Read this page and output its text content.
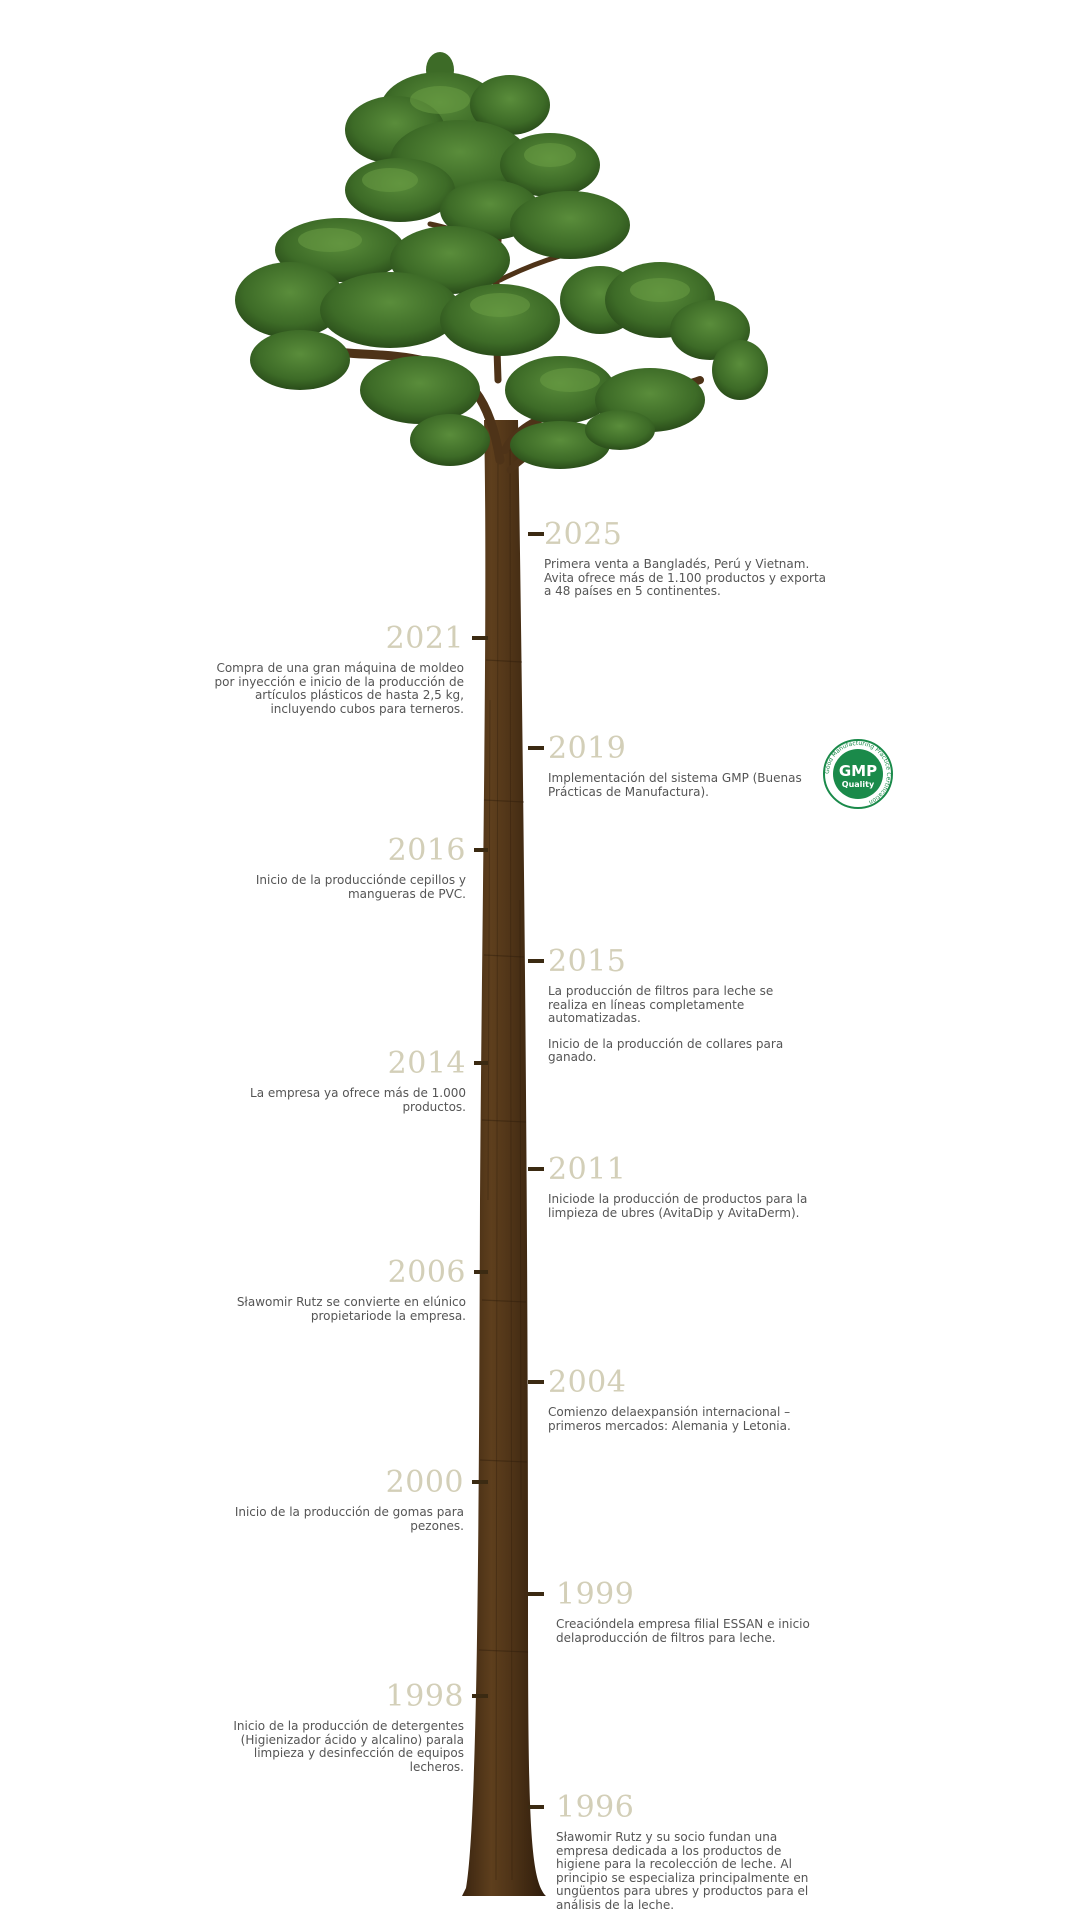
2025

Primera venta a Bangladés, Perú y Vietnam. Avita ofrece más de 1.100 productos y exporta a 48 países en 5 continentes.

2021

Compra de una gran máquina de moldeo por inyección e inicio de la producción de artículos plásticos de hasta 2,5 kg, incluyendo cubos para terneros.

2019

Implementación del sistema GMP (Buenas Prácticas de Manufactura).

2016

Inicio de la producciónde cepillos y mangueras de PVC.

2015

La producción de filtros para leche se realiza en líneas completamente automatizadas.

Inicio de la producción de collares para ganado.

2014

La empresa ya ofrece más de 1.000 productos.

2011

Iniciode la producción de productos para la limpieza de ubres (AvitaDip y AvitaDerm).

2006

Sławomir Rutz se convierte en elúnico propietariode la empresa.

2004

Comienzo delaexpansión internacional – primeros mercados: Alemania y Letonia.

2000

Inicio de la producción de gomas para pezones.

1999

Creacióndela empresa filial ESSAN e inicio delaproducción de filtros para leche.

1998

Inicio de la producción de detergentes (Higienizador ácido y alcalino) parala limpieza y desinfección de equipos lecheros.

1996

Sławomir Rutz y su socio fundan una empresa dedicada a los productos de higiene para la recolección de leche. Al principio se especializa principalmente en ungüentos para ubres y productos para el análisis de la leche.

Good Manufacturing Practice Certification
GMP
Quality
